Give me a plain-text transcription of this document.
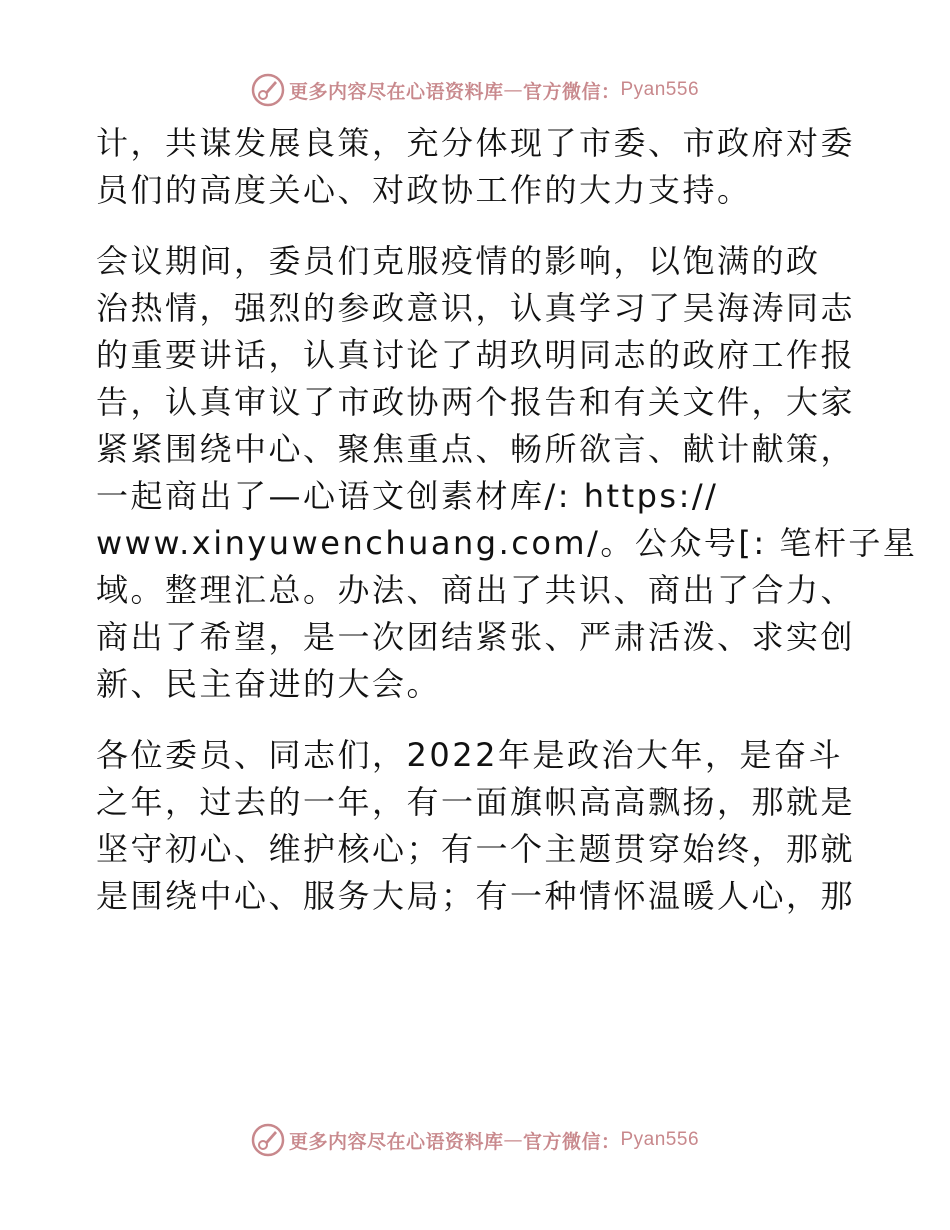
更多内容尽在心语资料库 — 官方微信： Pyan556
计，共谋发展良策，充分体现了市委、市政府对委
员们的高度关心、对政协工作的大力支持。
会议期间，委员们克服疫情的影响，以饱满的政
治热情，强烈的参政意识，认真学习了吴海涛同志
的重要讲话，认真讨论了胡玖明同志的政府工作报
告，认真审议了市政协两个报告和有关文件，大家
紧紧围绕中心、聚焦重点、畅所欲言、献计献策，
一起商出了—心语文创素材库/: https://
www.xinyuwenchuang.com/。公众号[: 笔杆子星
域。整理汇总。办法、商出了共识、商出了合力、
商出了希望，是一次团结紧张、严肃活泼、求实创
新、民主奋进的大会。
各位委员、同志们，2022年是政治大年，是奋斗
之年，过去的一年，有一面旗帜高高飘扬，那就是
坚守初心、维护核心；有一个主题贯穿始终，那就
是围绕中心、服务大局；有一种情怀温暖人心，那
更多内容尽在心语资料库 — 官方微信： Pyan556
